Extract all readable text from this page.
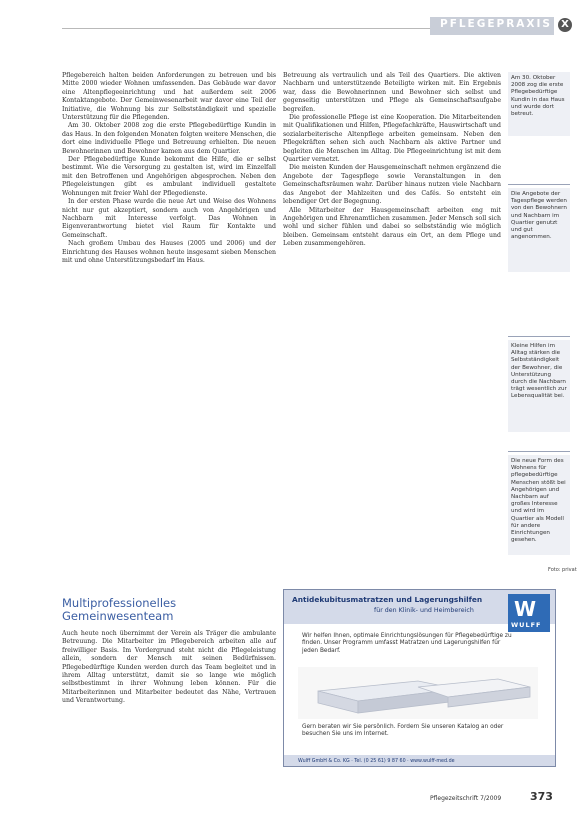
PFLEGEPRAXIS X

Pflegebereich halten beiden Anforderungen zu betreuen und bis Mitte 2000 wieder Wohnen umfassenden. Das Gebäude war davor eine Altenpflegeeinrichtung und hat außerdem seit 2006 Kontaktangebote. Der Gemeinwesenarbeit war davor eine Teil der Initiative, die Wohnung bis zur Selbstständigkeit und spezielle Unterstützung für die Pflegenden.

Am 30. Oktober 2008 zog die erste Pflegebedürftige Kundin in das Haus. In den folgenden Monaten folgten weitere Menschen, die dort eine individuelle Pflege und Betreuung erhielten. Die neuen Bewohnerinnen und Bewohner kamen aus dem Quartier.

Der Pflegebedürftige Kunde bekommt die Hilfe, die er selbst bestimmt. Wie die Versorgung zu gestalten ist, wird im Einzelfall mit den Betroffenen und Angehörigen abgesprochen. Neben den Pflegeleistungen gibt es ambulant individuell gestaltete Wohnungen mit freier Wahl der Pflegedienste.

In der ersten Phase wurde die neue Art und Weise des Wohnens nicht nur gut akzeptiert, sondern auch von Angehörigen und Nachbarn mit Interesse verfolgt. Das Wohnen in Eigenverantwortung bietet viel Raum für Kontakte und Gemeinschaft.

Nach großem Umbau des Hauses (2005 und 2006) und der Einrichtung des Hauses wohnen heute insgesamt sieben Menschen mit und ohne Unterstützungsbedarf im Haus.

Betreuung als vertraulich und als Teil des Quartiers. Die aktiven Nachbarn und unterstützende Beteiligte wirken mit. Ein Ergebnis war, dass die Bewohnerinnen und Bewohner sich selbst und gegenseitig unterstützen und Pflege als Gemeinschaftsaufgabe begreifen.

Die professionelle Pflege ist eine Kooperation. Die Mitarbeitenden mit Qualifikationen und Hilfen, Pflegefachkräfte, Hauswirtschaft und sozialarbeiterische Altenpflege arbeiten gemeinsam. Neben den Pflegekräften sehen sich auch Nachbarn als aktive Partner und begleiten die Menschen im Alltag. Die Pflegeeinrichtung ist mit dem Quartier vernetzt.

Die meisten Kunden der Hausgemeinschaft nehmen ergänzend die Angebote der Tagespflege sowie Veranstaltungen in den Gemeinschaftsräumen wahr. Darüber hinaus nutzen viele Nachbarn das Angebot der Mahlzeiten und des Cafés. So entsteht ein lebendiger Ort der Begegnung.

Alle Mitarbeiter der Hausgemeinschaft arbeiten eng mit Angehörigen und Ehrenamtlichen zusammen. Jeder Mensch soll sich wohl und sicher fühlen und dabei so selbstständig wie möglich bleiben. Gemeinsam entsteht daraus ein Ort, an dem Pflege und Leben zusammengehören.

Am 30. Oktober 2008 zog die erste Pflegebedürftige Kundin in das Haus und wurde dort betreut.
Die Angebote der Tagespflege werden von den Bewohnern und Nachbarn im Quartier genutzt und gut angenommen.
Kleine Hilfen im Alltag stärken die Selbstständigkeit der Bewohner, die Unterstützung durch die Nachbarn trägt wesentlich zur Lebensqualität bei.
Die neue Form des Wohnens für pflegebedürftige Menschen stößt bei Angehörigen und Nachbarn auf großes Interesse und wird im Quartier als Modell für andere Einrichtungen gesehen.
Foto: privat
Multiprofessionelles Gemeinwesenteam

Auch heute noch übernimmt der Verein als Träger die ambulante Betreuung. Die Mitarbeiter im Pflegebereich arbeiten alle auf freiwilliger Basis. Im Vordergrund steht nicht die Pflegeleistung allein, sondern der Mensch mit seinen Bedürfnissen. Pflegebedürftige Kunden werden durch das Team begleitet und in ihrem Alltag unterstützt, damit sie so lange wie möglich selbstbestimmt in ihrer Wohnung leben können. Für die Mitarbeiterinnen und Mitarbeiter bedeutet das Nähe, Vertrauen und Verantwortung.

Antidekubitusmatratzen und Lagerungshilfen
für den Klinik- und Heimbereich W
WULFF
Wir helfen Ihnen, optimale Einrichtungslösungen für Pflegebedürftige zu finden. Unser Programm umfasst Matratzen und Lagerungshilfen für jeden Bedarf.
Gern beraten wir Sie persönlich. Fordern Sie unseren Katalog an oder besuchen Sie uns im Internet.
Wulff GmbH & Co. KG · Tel. (0 25 61) 9 87 60 · www.wulff-med.de
Pflegezeitschrift 7/2009	373
